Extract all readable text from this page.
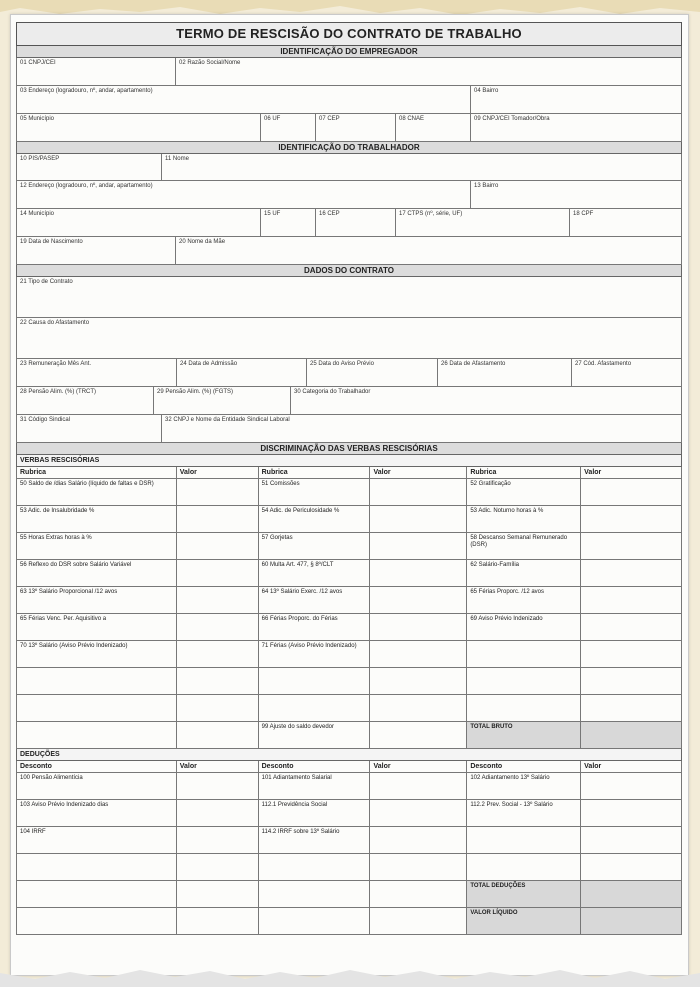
TERMO DE RESCISÃO DO CONTRATO DE TRABALHO
IDENTIFICAÇÃO DO EMPREGADOR
01 CNPJ/CEI	02 Razão Social/Nome
03 Endereço (logradouro, nº, andar, apartamento)	04 Bairro
05 Município	06 UF	07 CEP	08 CNAE	09 CNPJ/CEI Tomador/Obra
IDENTIFICAÇÃO DO TRABALHADOR
10 PIS/PASEP	11 Nome
12 Endereço (logradouro, nº, andar, apartamento)	13 Bairro
14 Município	15 UF	16 CEP	17 CTPS (nº, série, UF)	18 CPF
19 Data de Nascimento	20 Nome da Mãe
DADOS DO CONTRATO
21 Tipo de Contrato
22 Causa do Afastamento
23 Remuneração Mês Ant.	24 Data de Admissão	25 Data do Aviso Prévio	26 Data de Afastamento	27 Cód. Afastamento
28 Pensão Alim. (%) (TRCT)	29 Pensão Alim. (%) (FGTS)	30 Categoria do Trabalhador
31 Código Sindical	32 CNPJ e Nome da Entidade Sindical Laboral
DISCRIMINAÇÃO DAS VERBAS RESCISÓRIAS
VERBAS RESCISÓRIAS
Rubrica	Valor	Rubrica	Valor	Rubrica	Valor
50 Saldo de /dias Salário (líquido de faltas e DSR)	51 Comissões	52 Gratificação
53 Adic. de Insalubridade %	54 Adic. de Periculosidade %	53 Adic. Noturno horas à %
55 Horas Extras horas à %	57 Gorjetas	58 Descanso Semanal Remunerado (DSR)
56 Reflexo do DSR sobre Salário Variável	60 Multa Art. 477, § 8º/CLT	62 Salário-Família
63 13º Salário Proporcional /12 avos	64 13º Salário Exerc. /12 avos	65 Férias Proporc. /12 avos
65 Férias Venc. Per. Aquisitivo a	66 Férias Proporc. do Férias	69 Aviso Prévio Indenizado
70 13º Salário (Aviso Prévio Indenizado)	71 Férias (Aviso Prévio Indenizado)
99 Ajuste do saldo devedor	TOTAL BRUTO
DEDUÇÕES
Desconto	Valor	Desconto	Valor	Desconto	Valor
100 Pensão Alimentícia	101 Adiantamento Salarial	102 Adiantamento 13º Salário
103 Aviso Prévio Indenizado dias	112.1 Previdência Social	112.2 Prev. Social - 13º Salário
104 IRRF	114.2 IRRF sobre 13º Salário
TOTAL DEDUÇÕES
VALOR LÍQUIDO
